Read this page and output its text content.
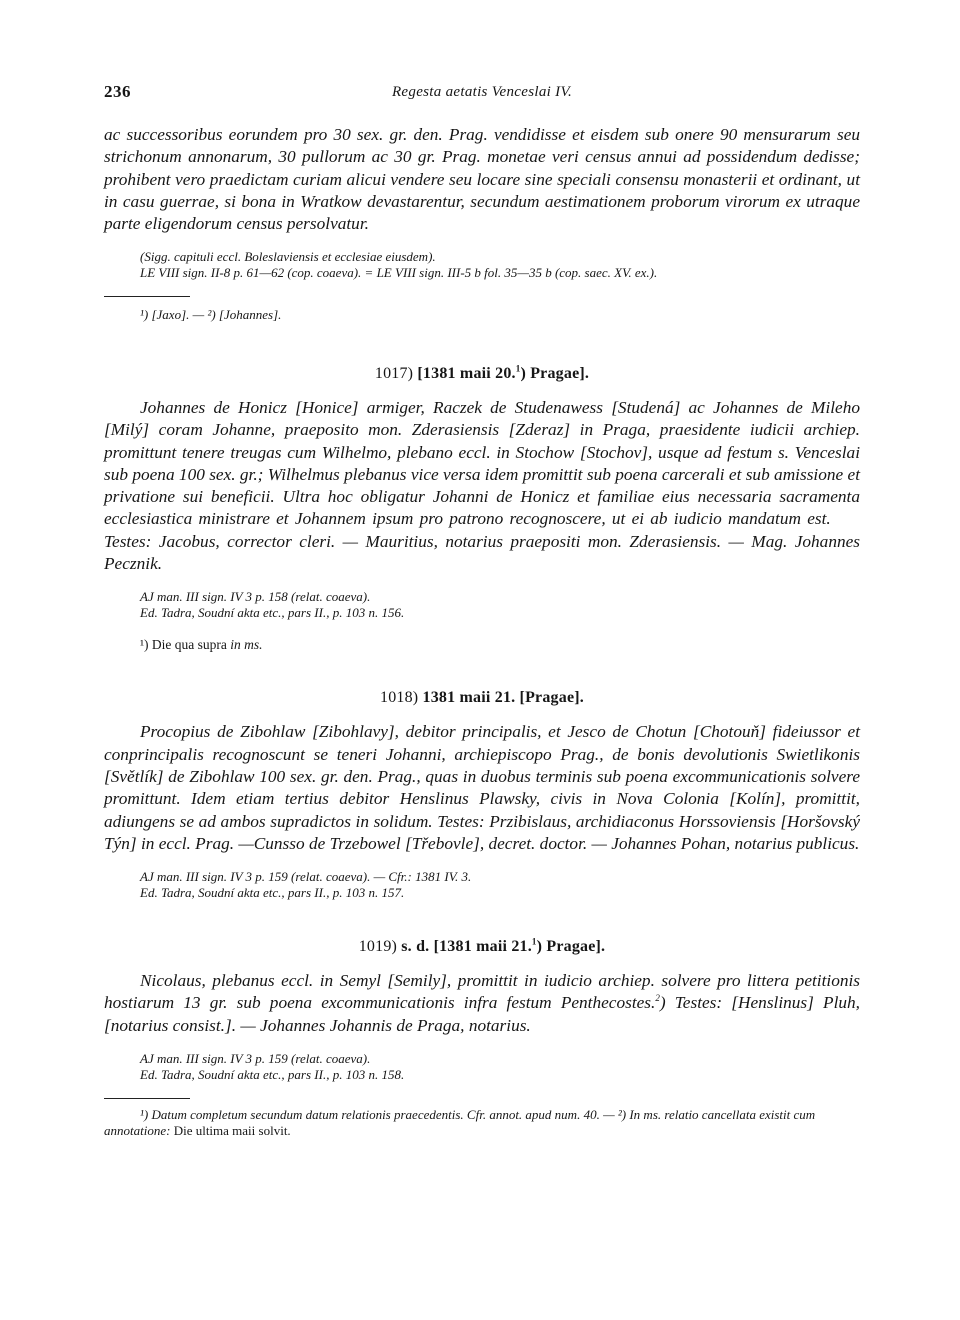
236	Regesta aetatis Venceslai IV.

ac successoribus eorundem pro 30 sex. gr. den. Prag. vendidisse et eisdem sub onere 90 mensurarum seu strichonum annonarum, 30 pullorum ac 30 gr. Prag. monetae veri census annui ad possidendum dedisse; prohibent vero praedictam curiam alicui vendere seu locare sine speciali consensu monasterii et ordinant, ut in casu guerrae, si bona in Wratkow devastarentur, secundum aestimationem proborum virorum ex utraque parte eligendorum census persolvatur.

(Sigg. capituli eccl. Boleslaviensis et ecclesiae eiusdem).

LE VIII sign. II-8 p. 61—62 (cop. coaeva). = LE VIII sign. III-5 b fol. 35—35 b (cop. saec. XV. ex.).

¹) [Jaxo]. — ²) [Johannes].

1017) [1381 maii 20.$^1$) Pragae].

Johannes de Honicz [Honice] armiger, Raczek de Studenawess [Studená] ac Johannes de Mileho [Milý] coram Johanne, praeposito mon. Zderasiensis [Zderaz] in Praga, praesidente iudicii archiep. promittunt tenere treugas cum Wilhelmo, plebano eccl. in Stochow [Stochov], usque ad festum s. Venceslai sub poena 100 sex. gr.; Wilhelmus plebanus vice versa idem promittit sub poena carcerali et sub amissione et privatione sui beneficii. Ultra hoc obligatur Johanni de Honicz et familiae eius necessaria sacramenta ecclesiastica ministrare et Johannem ipsum pro patrono recognoscere, ut ei ab iudicio mandatum est.      Testes: Jacobus, corrector cleri. — Mauritius, notarius praepositi mon. Zderasiensis. — Mag. Johannes Pecznik.

AJ man. III sign. IV 3 p. 158 (relat. coaeva).

Ed. Tadra, Soudní akta etc., pars II., p. 103 n. 156.

¹) Die qua supra in ms.

1018) 1381 maii 21. [Pragae].

Procopius de Zibohlaw [Zibohlavy], debitor principalis, et Jesco de Chotun [Chotouň] fideiussor et conprincipalis recognoscunt se teneri Johanni, archiepiscopo Prag., de bonis devolutionis Swietlikonis [Světlík] de Zibohlaw 100 sex. gr. den. Prag., quas in duobus terminis sub poena excommunicationis solvere promittunt. Idem etiam tertius debitor Henslinus Plawsky, civis in Nova Colonia [Kolín], promittit, adiungens se ad ambos supradictos in solidum. Testes: Przibislaus, archidiaconus Horssoviensis [Horšovský Týn] in eccl. Prag. —Cunsso de Trzebowel [Třebovle], decret. doctor. — Johannes Pohan, notarius publicus.

AJ man. III sign. IV 3 p. 159 (relat. coaeva). — Cfr.: 1381 IV. 3.

Ed. Tadra, Soudní akta etc., pars II., p. 103 n. 157.

1019) s. d. [1381 maii 21.$^1$) Pragae].

Nicolaus, plebanus eccl. in Semyl [Semily], promittit in iudicio archiep. solvere pro littera petitionis hostiarum 13 gr. sub poena excommunicationis infra festum Penthecostes.$^2$) Testes: [Henslinus] Pluh, [notarius consist.]. — Johannes Johannis de Praga, notarius.

AJ man. III sign. IV 3 p. 159 (relat. coaeva).

Ed. Tadra, Soudní akta etc., pars II., p. 103 n. 158.

¹) Datum completum secundum datum relationis praecedentis. Cfr. annot. apud num. 40. — ²) In ms. relatio cancellata existit cum annotatione: Die ultima maii solvit.
